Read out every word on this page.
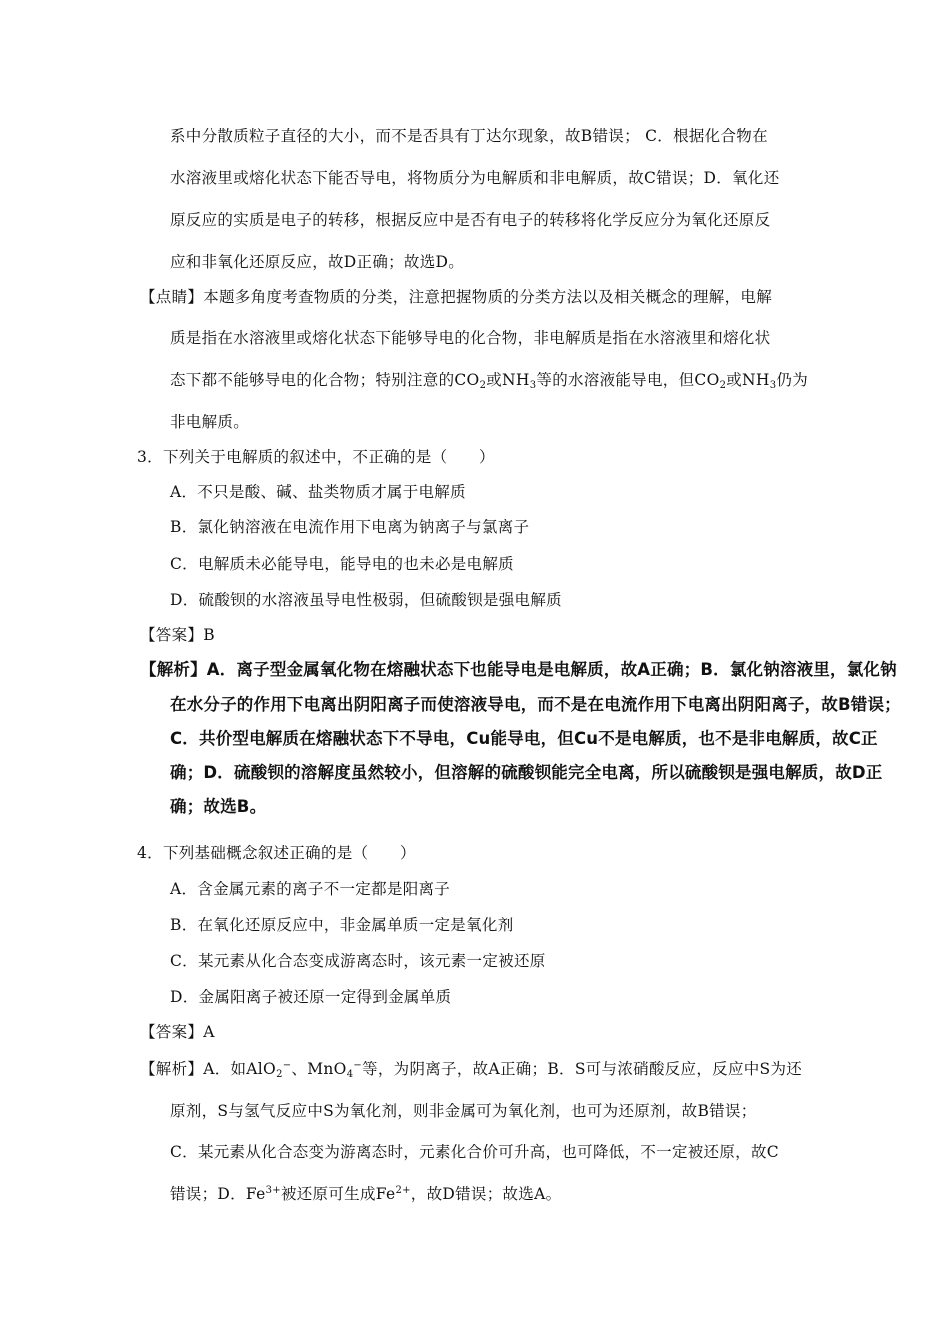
系中分散质粒子直径的大小，而不是否具有丁达尔现象，故B错误； C．根据化合物在
水溶液里或熔化状态下能否导电，将物质分为电解质和非电解质，故C错误；D．氧化还
原反应的实质是电子的转移，根据反应中是否有电子的转移将化学反应分为氧化还原反
应和非氧化还原反应，故D正确；故选D。
【点睛】本题多角度考查物质的分类，注意把握物质的分类方法以及相关概念的理解，电解
质是指在水溶液里或熔化状态下能够导电的化合物，非电解质是指在水溶液里和熔化状
态下都不能够导电的化合物；特别注意的$CO_2$或$NH_3$等的水溶液能导电，但$CO_2$或$NH_3$仍为
非电解质。
3．下列关于电解质的叙述中，不正确的是（　　）
A．不只是酸、碱、盐类物质才属于电解质
B．氯化钠溶液在电流作用下电离为钠离子与氯离子
C．电解质未必能导电，能导电的也未必是电解质
D．硫酸钡的水溶液虽导电性极弱，但硫酸钡是强电解质
【答案】B
【解析】A．离子型金属氧化物在熔融状态下也能导电是电解质，故A正确；B．氯化钠溶液里，氯化钠
在水分子的作用下电离出阴阳离子而使溶液导电，而不是在电流作用下电离出阴阳离子，故B错误；
C．共价型电解质在熔融状态下不导电，Cu能导电，但Cu不是电解质，也不是非电解质，故C正
确；D．硫酸钡的溶解度虽然较小，但溶解的硫酸钡能完全电离，所以硫酸钡是强电解质，故D正
确；故选B。
4．下列基础概念叙述正确的是（　　）
A．含金属元素的离子不一定都是阳离子
B．在氧化还原反应中，非金属单质一定是氧化剂
C．某元素从化合态变成游离态时，该元素一定被还原
D．金属阳离子被还原一定得到金属单质
【答案】A
【解析】A．如AlO$_2$−、MnO$_4$−等，为阴离子，故A正确；B．S可与浓硝酸反应，反应中S为还
原剂，S与氢气反应中S为氧化剂，则非金属可为氧化剂，也可为还原剂，故B错误；
C．某元素从化合态变为游离态时，元素化合价可升高，也可降低，不一定被还原，故C
错误；D．$Fe^{3+}$被还原可生成$Fe^{2+}$，故D错误；故选A。
